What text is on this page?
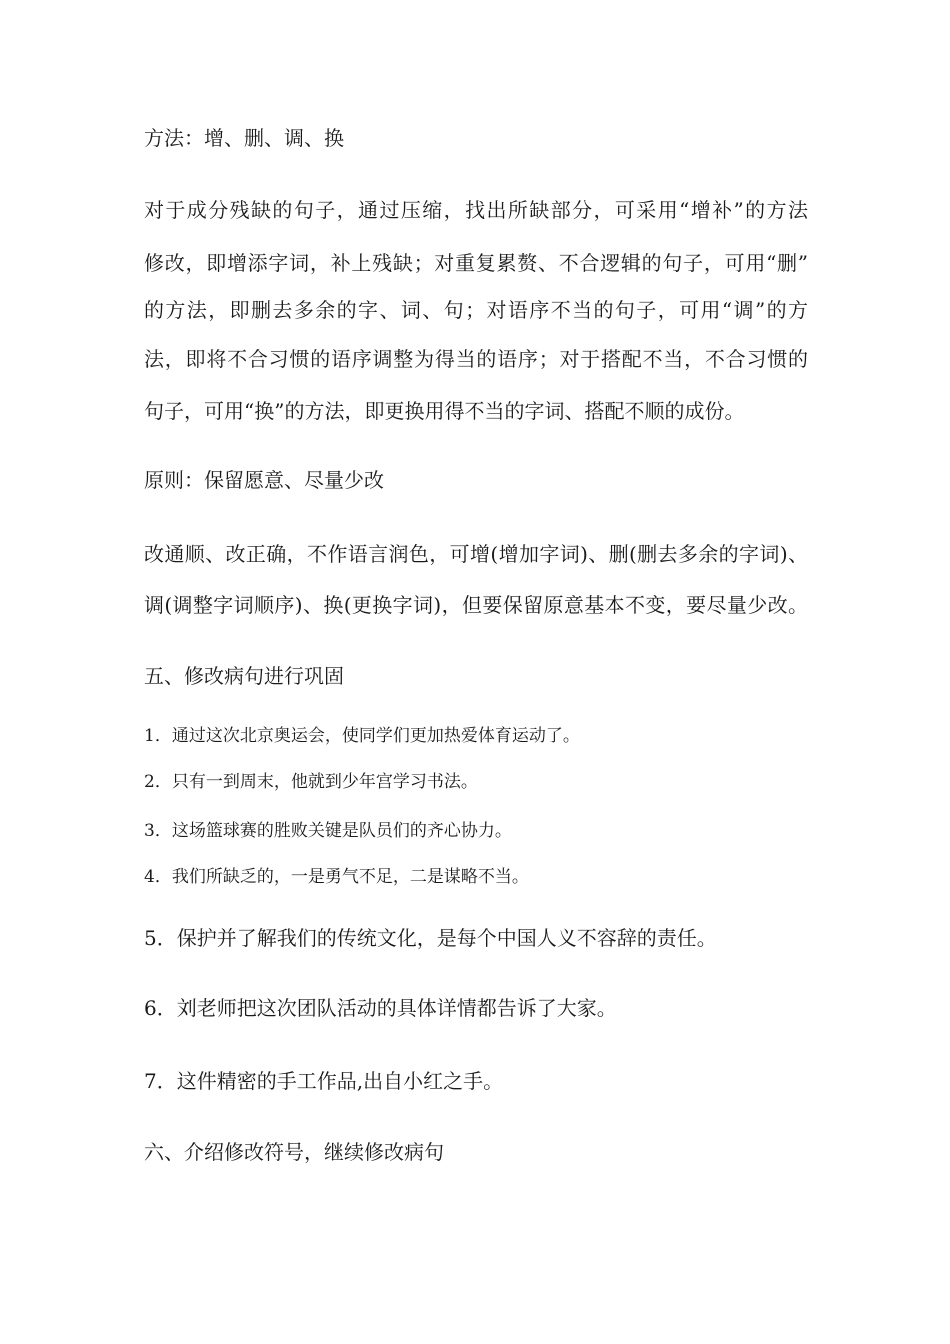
方法：增、删、调、换
对于成分残缺的句子，通过压缩，找出所缺部分，可采用“增补”的方法
修改，即增添字词，补上残缺；对重复累赘、不合逻辑的句子，可用“删”
的方法，即删去多余的字、词、句；对语序不当的句子，可用“调”的方
法，即将不合习惯的语序调整为得当的语序；对于搭配不当，不合习惯的
句子，可用“换”的方法，即更换用得不当的字词、搭配不顺的成份。
原则：保留愿意、尽量少改
改通顺、改正确，不作语言润色，可增(增加字词)、删(删去多余的字词)、
调(调整字词顺序)、换(更换字词)，但要保留原意基本不变，要尽量少改。
五、修改病句进行巩固
1．通过这次北京奥运会，使同学们更加热爱体育运动了。
2．只有一到周末，他就到少年宫学习书法。
3．这场篮球赛的胜败关键是队员们的齐心协力。
4．我们所缺乏的，一是勇气不足，二是谋略不当。
5．保护并了解我们的传统文化，是每个中国人义不容辞的责任。
6．刘老师把这次团队活动的具体详情都告诉了大家。
7．这件精密的手工作品,出自小红之手。
六、介绍修改符号，继续修改病句
